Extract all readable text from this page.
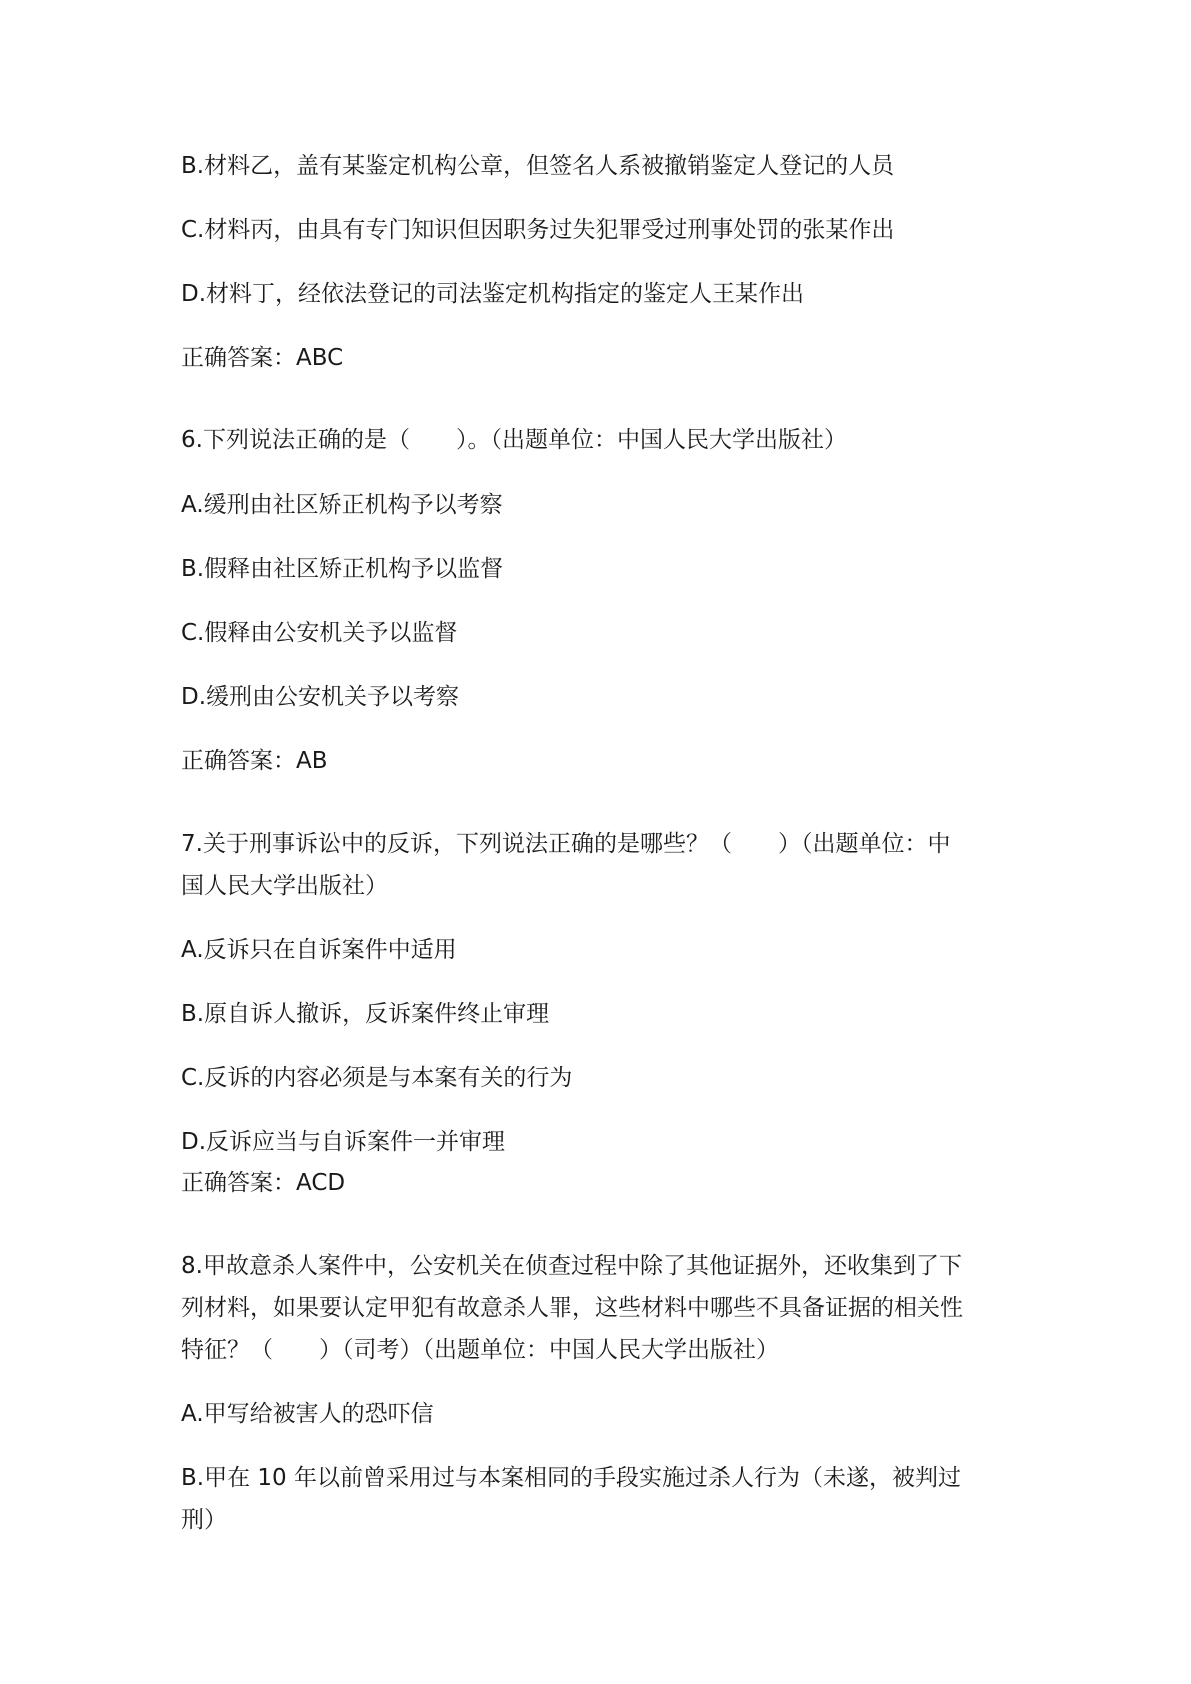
B.材料乙，盖有某鉴定机构公章，但签名人系被撤销鉴定人登记的人员
C.材料丙，由具有专门知识但因职务过失犯罪受过刑事处罚的张某作出
D.材料丁，经依法登记的司法鉴定机构指定的鉴定人王某作出
正确答案：ABC
6.下列说法正确的是（　　）。（出题单位：中国人民大学出版社）
A.缓刑由社区矫正机构予以考察
B.假释由社区矫正机构予以监督
C.假释由公安机关予以监督
D.缓刑由公安机关予以考察
正确答案：AB
7.关于刑事诉讼中的反诉，下列说法正确的是哪些？（　　）（出题单位：中
国人民大学出版社）
A.反诉只在自诉案件中适用
B.原自诉人撤诉，反诉案件终止审理
C.反诉的内容必须是与本案有关的行为
D.反诉应当与自诉案件一并审理
正确答案：ACD
8.甲故意杀人案件中，公安机关在侦查过程中除了其他证据外，还收集到了下
列材料，如果要认定甲犯有故意杀人罪，这些材料中哪些不具备证据的相关性
特征？（　　）（司考）（出题单位：中国人民大学出版社）
A.甲写给被害人的恐吓信
B.甲在 10 年以前曾采用过与本案相同的手段实施过杀人行为（未遂，被判过
刑）
